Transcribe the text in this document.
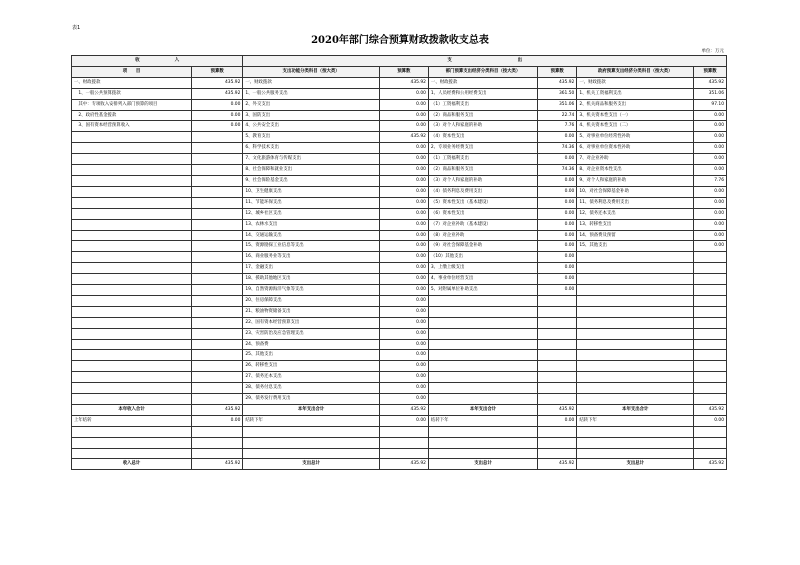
表1
2020年部门综合预算财政拨款收支总表
单位：万元
收　　　　　　　　入		支　　　　　　　　　　　　　　　出					
项　　目	预算数	支出功能分类科目（按大类）	预算数	部门预算支出经济分类科目（按大类）	预算数	政府预算支出经济分类科目（按大类）	预算数
一、财政拨款	435.92	一、财政拨款	435.92	一、财政拨款	435.92	一、财政拨款	435.92
　1、一般公共预算拨款	435.92	1、一般公共服务支出	0.00	1、人员经费和公用经费支出	361.50	1、机关工资福利支出	351.06
　其中：专项收入安排列入部门预算的项目	0.00	2、外交支出	0.00	（1）工资福利支出	351.06	2、机关商品和服务支出	97.10
　2、政府性基金拨款	0.00	3、国防支出	0.00	（2）商品和服务支出	22.74	3、机关资本性支出（一）	0.00
　3、国有资本经营预算收入	0.00	4、公共安全支出	0.00	（3）对个人和家庭的补助	7.76	4、机关资本性支出（二）	0.00
		5、教育支出	435.92	（4）资本性支出	0.00	5、对事业单位经常性补助	0.00
		6、科学技术支出	0.00	2、专项业务经费支出	74.36	6、对事业单位资本性补助	0.00
		7、文化旅游体育与传媒支出	0.00	（1）工资福利支出	0.00	7、对企业补助	0.00
		8、社会保障和就业支出	0.00	（2）商品和服务支出	74.36	8、对企业资本性支出	0.00
		9、社会保险基金支出	0.00	（3）对个人和家庭的补助	0.00	9、对个人和家庭的补助	7.76
		10、卫生健康支出	0.00	（4）债务利息及费用支出	0.00	10、对社会保障基金补助	0.00
		11、节能环保支出	0.00	（5）资本性支出（基本建设）	0.00	11、债务利息及费用支出	0.00
		12、城乡社区支出	0.00	（6）资本性支出	0.00	12、债务还本支出	0.00
		13、农林水支出	0.00	（7）对企业补助（基本建设）	0.00	13、转移性支出	0.00
		14、交通运输支出	0.00	（8）对企业补助	0.00	14、预备费及预留	0.00
		15、资源勘探工业信息等支出	0.00	（9）对社会保障基金补助	0.00	15、其他支出	0.00
		16、商业服务业等支出	0.00	（10）其他支出	0.00		
		17、金融支出	0.00	3、上缴上级支出	0.00		
		18、援助其他地区支出	0.00	4、事业单位经营支出	0.00		
		19、自然资源海洋气象等支出	0.00	5、对附属单位补助支出	0.00		
		20、住房保障支出	0.00				
		21、粮油物资储备支出	0.00				
		22、国有资本经营预算支出	0.00				
		23、灾害防治及应急管理支出	0.00				
		24、预备费	0.00				
		25、其他支出	0.00				
		26、转移性支出	0.00				
		27、债务还本支出	0.00				
		28、债务付息支出	0.00				
		29、债务发行费用支出	0.00				
本年收入合计	435.92	本年支出合计	435.92	本年支出合计	435.92	本年支出合计	435.92
上年结转	0.00	结转下年	0.00	结转下年	0.00	结转下年	0.00

收入总计	435.92	支出总计	435.92	支出总计	435.92	支出总计	435.92
